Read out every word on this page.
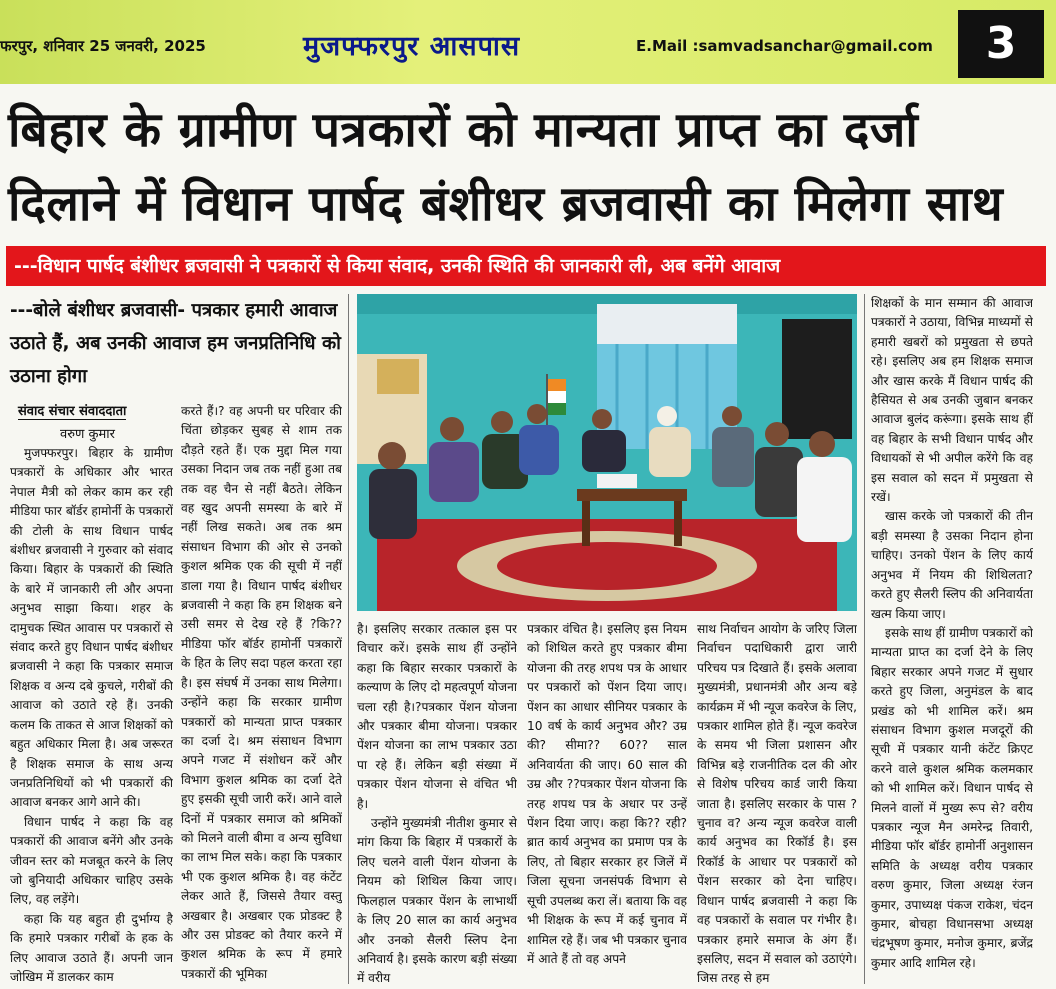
फरपुर, शनिवार 25 जनवरी, 2025	मुजफ्फरपुर आसपास	E.Mail :samvadsanchar@gmail.com	3
बिहार के ग्रामीण पत्रकारों को मान्यता प्राप्त का दर्जा
दिलाने में विधान पार्षद बंशीधर ब्रजवासी का मिलेगा साथ
---विधान पार्षद बंशीधर ब्रजवासी ने पत्रकारों से किया संवाद, उनकी स्थिति की जानकारी ली, अब बनेंगे आवाज
---बोले बंशीधर ब्रजवासी- पत्रकार हमारी आवाज उठाते हैं, अब उनकी आवाज हम जनप्रतिनिधि को उठाना होगा
संवाद संचार संवाददाता
वरुण कुमार

मुजफ्फरपुर। बिहार के ग्रामीण पत्रकारों के अधिकार और भारत नेपाल मैत्री को लेकर काम कर रही मीडिया फार बॉर्डर हामोर्नी के पत्रकारों की टोली के साथ विधान पार्षद बंशीधर ब्रजवासी ने गुरुवार को संवाद किया। बिहार के पत्रकारों की स्थिति के बारे में जानकारी ली और अपना अनुभव साझा किया। शहर के दामुचक स्थित आवास पर पत्रकारों से संवाद करते हुए विधान पार्षद बंशीधर ब्रजवासी ने कहा कि पत्रकार समाज शिक्षक व अन्य दबे कुचले, गरीबों की आवाज को उठाते रहे हैं। उनकी कलम कि ताकत से आज शिक्षकों को बहुत अधिकार मिला है। अब जरूरत है शिक्षक समाज के साथ अन्य जनप्रतिनिधियों को भी पत्रकारों की आवाज बनकर आगे आने की।

विधान पार्षद ने कहा कि वह पत्रकारों की आवाज बनेंगे और उनके जीवन स्तर को मजबूत करने के लिए जो बुनियादी अधिकार चाहिए उसके लिए, वह लड़ेंगे।

कहा कि यह बहुत ही दुर्भाग्य है कि हमारे पत्रकार गरीबों के हक के लिए आवाज उठाते हैं। अपनी जान जोखिम में डालकर काम

करते हैं।? वह अपनी घर परिवार की चिंता छोड़कर सुबह से शाम तक दौड़ते रहते हैं। एक मुद्दा मिल गया उसका निदान जब तक नहीं हुआ तब तक वह चैन से नहीं बैठते। लेकिन वह खुद अपनी समस्या के बारे में नहीं लिख सकते। अब तक श्रम संसाधन विभाग की ओर से उनको कुशल श्रमिक एक की सूची में नहीं डाला गया है। विधान पार्षद बंशीधर ब्रजवासी ने कहा कि हम शिक्षक बने उसी समर से देख रहे हैं ?कि?? मीडिया फॉर बॉर्डर हामोर्नी पत्रकारों के हित के लिए सदा पहल करता रहा है। इस संघर्ष में उनका साथ मिलेगा। उन्होंने कहा कि सरकार ग्रामीण पत्रकारों को मान्यता प्राप्त पत्रकार का दर्जा दे। श्रम संसाधन विभाग अपने गजट में संशोधन करें और विभाग कुशल श्रमिक का दर्जा देते हुए इसकी सूची जारी करें। आने वाले दिनों में पत्रकार समाज को श्रमिकों को मिलने वाली बीमा व अन्य सुविधा का लाभ मिल सके। कहा कि पत्रकार भी एक कुशल श्रमिक है। वह कंटेंट लेकर आते हैं, जिससे तैयार वस्तु अखबार है। अखबार एक प्रोडक्ट है और उस प्रोडक्ट को तैयार करने में कुशल श्रमिक के रूप में हमारे पत्रकारों की भूमिका

है। इसलिए सरकार तत्काल इस पर विचार करें। इसके साथ हीं उन्होंने कहा कि बिहार सरकार पत्रकारों के कल्याण के लिए दो महत्वपूर्ण योजना चला रही है।?पत्रकार पेंशन योजना और पत्रकार बीमा योजना। पत्रकार पेंशन योजना का लाभ पत्रकार उठा पा रहे हैं। लेकिन बड़ी संख्या में पत्रकार पेंशन योजना से वंचित भी है।

उन्होंने मुख्यमंत्री नीतीश कुमार से मांग किया कि बिहार में पत्रकारों के लिए चलने वाली पेंशन योजना के नियम को शिथिल किया जाए। फिलहाल पत्रकार पेंशन के लाभार्थी के लिए 20 साल का कार्य अनुभव और उनको सैलरी स्लिप देना अनिवार्य है। इसके कारण बड़ी संख्या में वरीय

पत्रकार वंचित है। इसलिए इस नियम को शिथिल करते हुए पत्रकार बीमा योजना की तरह शपथ पत्र के आधार पर पत्रकारों को पेंशन दिया जाए। पेंशन का आधार सीनियर पत्रकार के 10 वर्ष के कार्य अनुभव और? उम्र की? सीमा?? 60?? साल अनिवार्यता की जाए। 60 साल की उम्र और ??पत्रकार पेंशन योजना कि तरह शपथ पत्र के अधार पर उन्हें पेंशन दिया जाए। कहा कि?? रही? ब्रात कार्य अनुभव का प्रमाण पत्र के लिए, तो बिहार सरकार हर जिलें में जिला सूचना जनसंपर्क विभाग से सूची उपलब्ध करा लें। बताया कि वह भी शिक्षक के रूप में कई चुनाव में शामिल रहे हैं। जब भी पत्रकार चुनाव में आते हैं तो वह अपने

साथ निर्वाचन आयोग के जरिए जिला निर्वाचन पदाधिकारी द्वारा जारी परिचय पत्र दिखाते हैं। इसके अलावा मुख्यमंत्री, प्रधानमंत्री और अन्य बड़े कार्यक्रम में भी न्यूज कवरेज के लिए, पत्रकार शामिल होते हैं। न्यूज कवरेज के समय भी जिला प्रशासन और विभिन्न बड़े राजनीतिक दल की ओर से विशेष परिचय कार्ड जारी किया जाता है। इसलिए सरकार के पास ?चुनाव व? अन्य न्यूज कवरेज वाली कार्य अनुभव का रिकॉर्ड है। इस रिकॉर्ड के आधार पर पत्रकारों को पेंशन सरकार को देना चाहिए। विधान पार्षद ब्रजवासी ने कहा कि वह पत्रकारों के सवाल पर गंभीर है। पत्रकार हमारे समाज के अंग हैं। इसलिए, सदन में सवाल को उठाएंगे। जिस तरह से हम

शिक्षकों के मान सम्मान की आवाज पत्रकारों ने उठाया, विभिन्न माध्यमों से हमारी खबरों को प्रमुखता से छपते रहे। इसलिए अब हम शिक्षक समाज और खास करके मैं विधान पार्षद की हैसियत से अब उनकी जुबान बनकर आवाज बुलंद करूंगा। इसके साथ हीं वह बिहार के सभी विधान पार्षद और विधायकों से भी अपील करेंगे कि वह इस सवाल को सदन में प्रमुखता से रखें।

खास करके जो पत्रकारों की तीन बड़ी समस्या है उसका निदान होना चाहिए। उनको पेंशन के लिए कार्य अनुभव में नियम की शिथिलता? करते हुए सैलरी स्लिप की अनिवार्यता खत्म किया जाए।

इसके साथ हीं ग्रामीण पत्रकारों को मान्यता प्राप्त का दर्जा देने के लिए बिहार सरकार अपने गजट में सुधार करते हुए जिला, अनुमंडल के बाद प्रखंड को भी शामिल करें। श्रम संसाधन विभाग कुशल मजदूरों की सूची में पत्रकार यानी कंटेंट क्रिएट करने वाले कुशल श्रमिक कलमकार को भी शामिल करें। विधान पार्षद से मिलने वालों में मुख्य रूप से? वरीय पत्रकार न्यूज मैन अमरेन्द्र तिवारी, मीडिया फॉर बॉर्डर हामोर्नी अनुशासन समिति के अध्यक्ष वरीय पत्रकार वरुण कुमार, जिला अध्यक्ष रंजन कुमार, उपाध्यक्ष पंकज राकेश, चंदन कुमार, बोचहा विधानसभा अध्यक्ष चंद्रभूषण कुमार, मनोज कुमार, ब्रजेंद्र कुमार आदि शामिल रहे।
